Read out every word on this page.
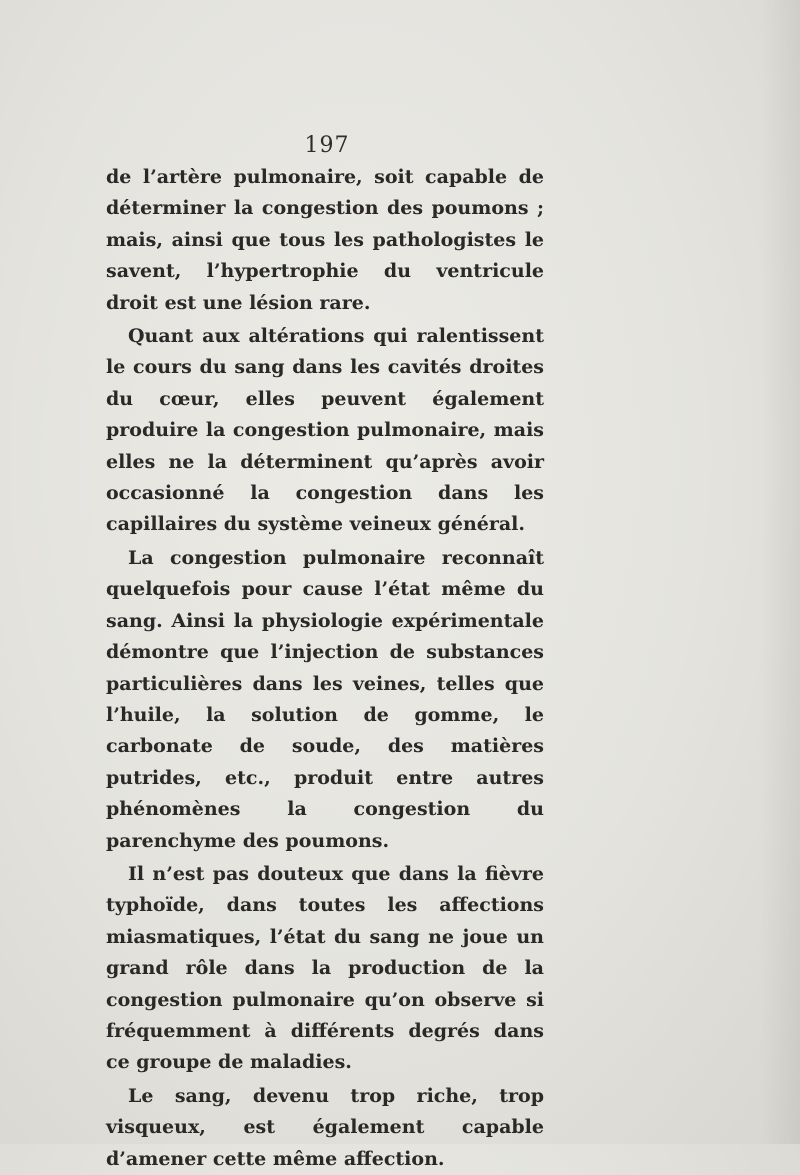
197

de l’artère pulmonaire, soit capable de déterminer la congestion des poumons ; mais, ainsi que tous les pathologistes le savent, l’hypertrophie du ventricule droit est une lésion rare.

Quant aux altérations qui ralentissent le cours du sang dans les cavités droites du cœur, elles peuvent également produire la congestion pulmonaire, mais elles ne la déterminent qu’après avoir occasionné la congestion dans les capillaires du système veineux général.

La congestion pulmonaire reconnaît quelquefois pour cause l’état même du sang. Ainsi la physiologie expérimentale démontre que l’injection de substances particulières dans les veines, telles que l’huile, la solution de gomme, le carbonate de soude, des matières putrides, etc., produit entre autres phénomènes la congestion du parenchyme des poumons.

Il n’est pas douteux que dans la fièvre typhoïde, dans toutes les affections miasmatiques, l’état du sang ne joue un grand rôle dans la production de la congestion pulmonaire qu’on observe si fréquemment à différents degrés dans ce groupe de maladies.

Le sang, devenu trop riche, trop visqueux, est également capable d’amener cette même affection.
